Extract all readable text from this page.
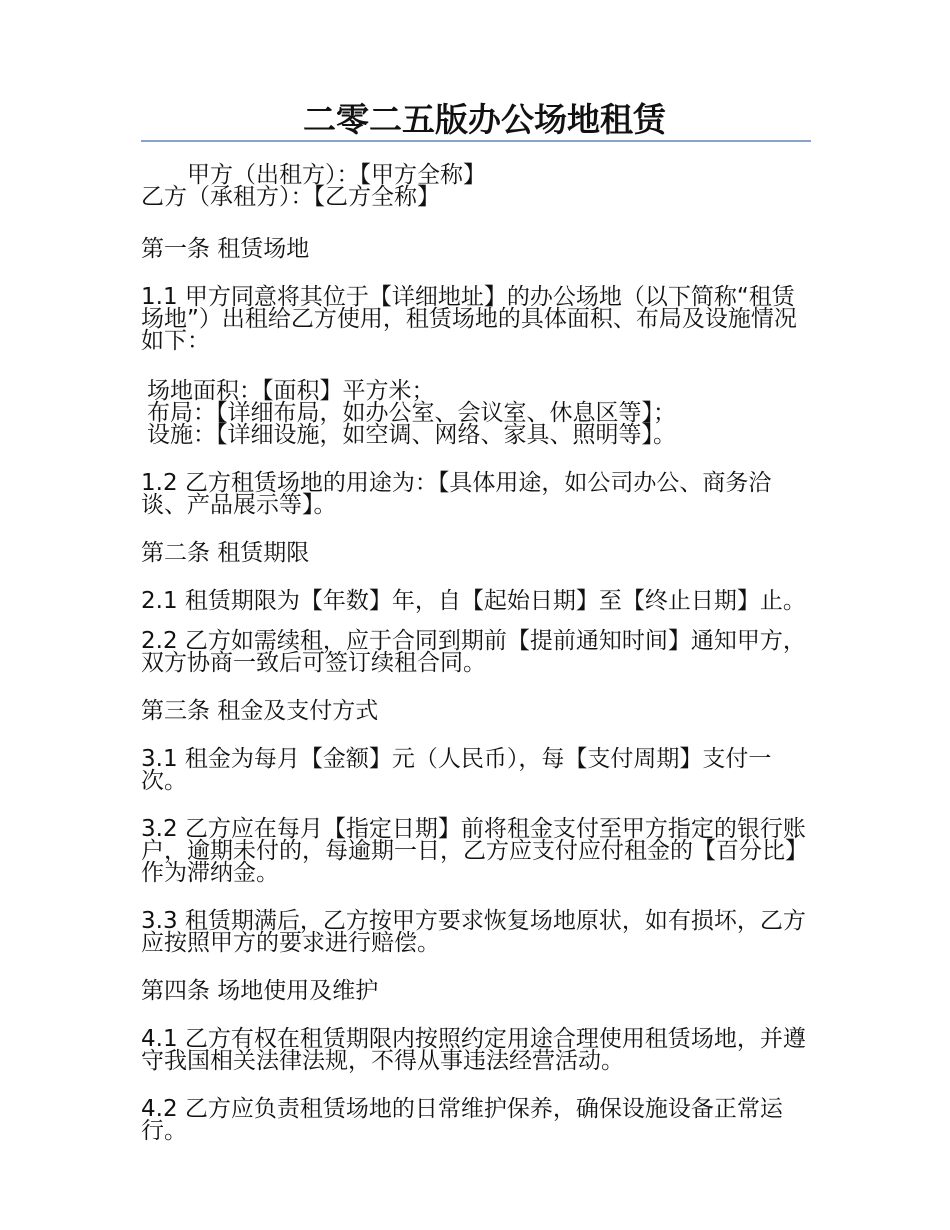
二零二五版办公场地租赁

甲方（出租方）：【甲方全称】

乙方（承租方）：【乙方全称】

第一条 租赁场地

1.1 甲方同意将其位于【详细地址】的办公场地（以下简称“租赁场地”）出租给乙方使用，租赁场地的具体面积、布局及设施情况如下：

场地面积：【面积】平方米；

布局：【详细布局，如办公室、会议室、休息区等】；

设施：【详细设施，如空调、网络、家具、照明等】。

1.2 乙方租赁场地的用途为：【具体用途，如公司办公、商务洽谈、产品展示等】。

第二条 租赁期限

2.1 租赁期限为【年数】年，自【起始日期】至【终止日期】止。

2.2 乙方如需续租，应于合同到期前【提前通知时间】通知甲方，双方协商一致后可签订续租合同。

第三条 租金及支付方式

3.1 租金为每月【金额】元（人民币），每【支付周期】支付一次。

3.2 乙方应在每月【指定日期】前将租金支付至甲方指定的银行账户，逾期未付的，每逾期一日，乙方应支付应付租金的【百分比】作为滞纳金。

3.3 租赁期满后，乙方按甲方要求恢复场地原状，如有损坏，乙方应按照甲方的要求进行赔偿。

第四条 场地使用及维护

4.1 乙方有权在租赁期限内按照约定用途合理使用租赁场地，并遵守我国相关法律法规，不得从事违法经营活动。

4.2 乙方应负责租赁场地的日常维护保养，确保设施设备正常运行。
